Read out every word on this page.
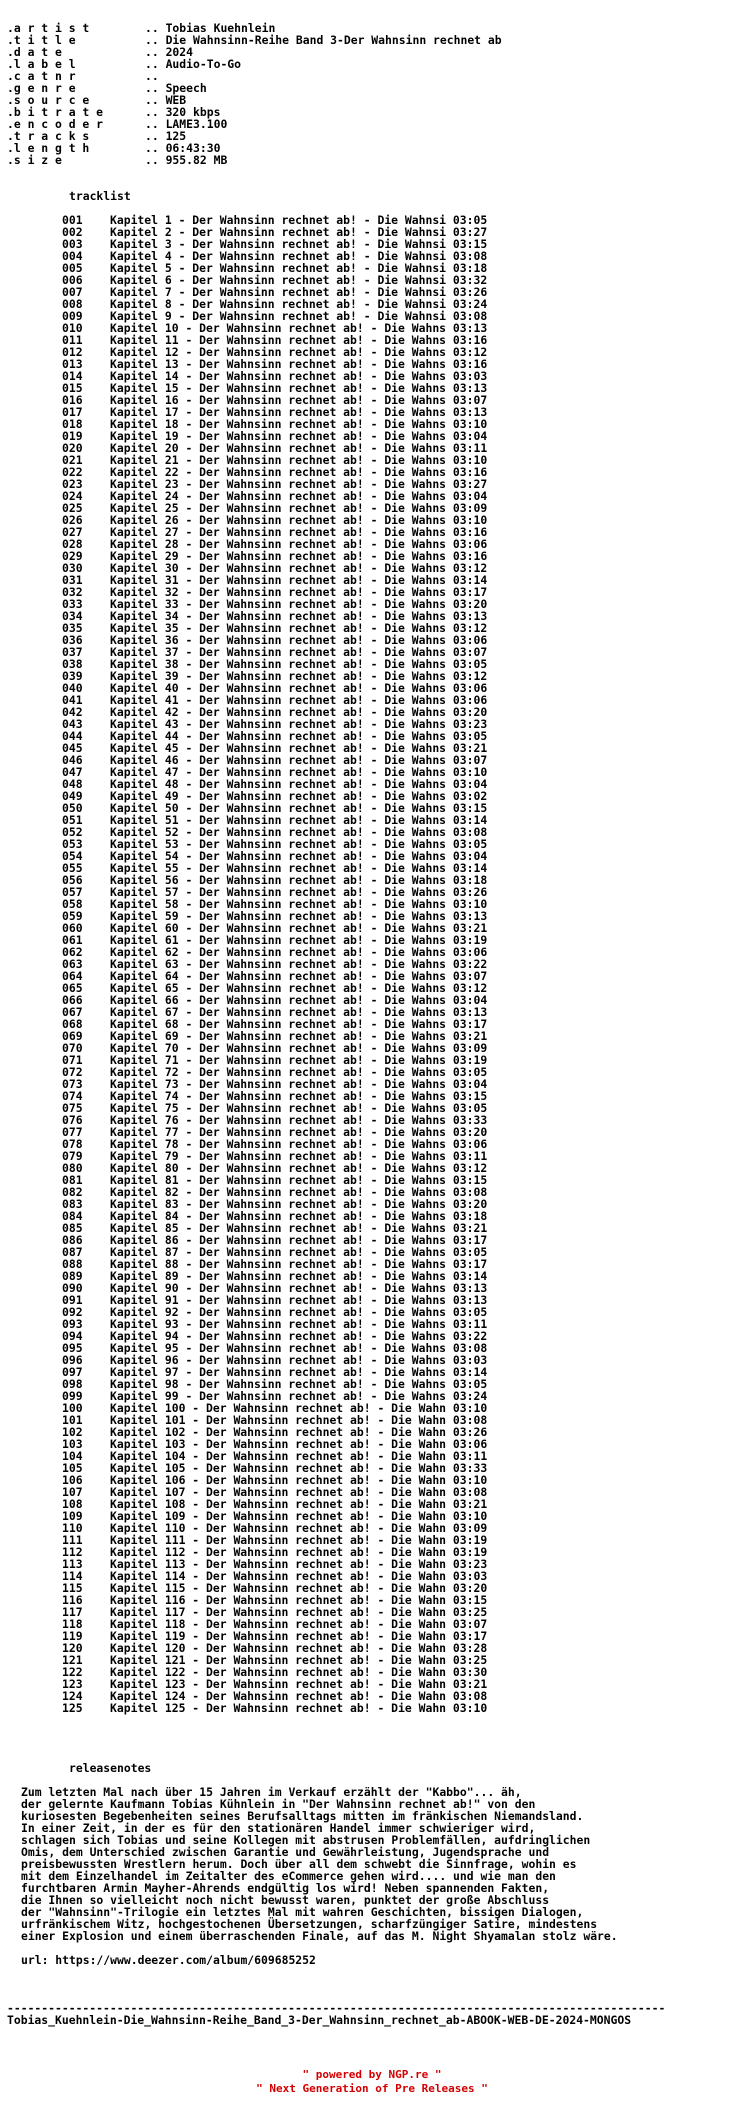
.a r t i s t	.. Tobias Kuehnlein
.t i t l e	.. Die Wahnsinn-Reihe Band 3-Der Wahnsinn rechnet ab
.d a t e	.. 2024
.l a b e l	.. Audio-To-Go
.c a t n r	..
.g e n r e	.. Speech
.s o u r c e	.. WEB
.b i t r a t e	.. 320 kbps
.e n c o d e r	.. LAME3.100
.t r a c k s	.. 125
.l e n g t h	.. 06:43:30
.s i z e	.. 955.82 MB
tracklist
001    Kapitel 1 - Der Wahnsinn rechnet ab! - Die Wahnsi 03:05
002    Kapitel 2 - Der Wahnsinn rechnet ab! - Die Wahnsi 03:27
003    Kapitel 3 - Der Wahnsinn rechnet ab! - Die Wahnsi 03:15
004    Kapitel 4 - Der Wahnsinn rechnet ab! - Die Wahnsi 03:08
005    Kapitel 5 - Der Wahnsinn rechnet ab! - Die Wahnsi 03:18
006    Kapitel 6 - Der Wahnsinn rechnet ab! - Die Wahnsi 03:32
007    Kapitel 7 - Der Wahnsinn rechnet ab! - Die Wahnsi 03:26
008    Kapitel 8 - Der Wahnsinn rechnet ab! - Die Wahnsi 03:24
009    Kapitel 9 - Der Wahnsinn rechnet ab! - Die Wahnsi 03:08
010    Kapitel 10 - Der Wahnsinn rechnet ab! - Die Wahns 03:13
011    Kapitel 11 - Der Wahnsinn rechnet ab! - Die Wahns 03:16
012    Kapitel 12 - Der Wahnsinn rechnet ab! - Die Wahns 03:12
013    Kapitel 13 - Der Wahnsinn rechnet ab! - Die Wahns 03:16
014    Kapitel 14 - Der Wahnsinn rechnet ab! - Die Wahns 03:03
015    Kapitel 15 - Der Wahnsinn rechnet ab! - Die Wahns 03:13
016    Kapitel 16 - Der Wahnsinn rechnet ab! - Die Wahns 03:07
017    Kapitel 17 - Der Wahnsinn rechnet ab! - Die Wahns 03:13
018    Kapitel 18 - Der Wahnsinn rechnet ab! - Die Wahns 03:10
019    Kapitel 19 - Der Wahnsinn rechnet ab! - Die Wahns 03:04
020    Kapitel 20 - Der Wahnsinn rechnet ab! - Die Wahns 03:11
021    Kapitel 21 - Der Wahnsinn rechnet ab! - Die Wahns 03:10
022    Kapitel 22 - Der Wahnsinn rechnet ab! - Die Wahns 03:16
023    Kapitel 23 - Der Wahnsinn rechnet ab! - Die Wahns 03:27
024    Kapitel 24 - Der Wahnsinn rechnet ab! - Die Wahns 03:04
025    Kapitel 25 - Der Wahnsinn rechnet ab! - Die Wahns 03:09
026    Kapitel 26 - Der Wahnsinn rechnet ab! - Die Wahns 03:10
027    Kapitel 27 - Der Wahnsinn rechnet ab! - Die Wahns 03:16
028    Kapitel 28 - Der Wahnsinn rechnet ab! - Die Wahns 03:06
029    Kapitel 29 - Der Wahnsinn rechnet ab! - Die Wahns 03:16
030    Kapitel 30 - Der Wahnsinn rechnet ab! - Die Wahns 03:12
031    Kapitel 31 - Der Wahnsinn rechnet ab! - Die Wahns 03:14
032    Kapitel 32 - Der Wahnsinn rechnet ab! - Die Wahns 03:17
033    Kapitel 33 - Der Wahnsinn rechnet ab! - Die Wahns 03:20
034    Kapitel 34 - Der Wahnsinn rechnet ab! - Die Wahns 03:13
035    Kapitel 35 - Der Wahnsinn rechnet ab! - Die Wahns 03:12
036    Kapitel 36 - Der Wahnsinn rechnet ab! - Die Wahns 03:06
037    Kapitel 37 - Der Wahnsinn rechnet ab! - Die Wahns 03:07
038    Kapitel 38 - Der Wahnsinn rechnet ab! - Die Wahns 03:05
039    Kapitel 39 - Der Wahnsinn rechnet ab! - Die Wahns 03:12
040    Kapitel 40 - Der Wahnsinn rechnet ab! - Die Wahns 03:06
041    Kapitel 41 - Der Wahnsinn rechnet ab! - Die Wahns 03:06
042    Kapitel 42 - Der Wahnsinn rechnet ab! - Die Wahns 03:20
043    Kapitel 43 - Der Wahnsinn rechnet ab! - Die Wahns 03:23
044    Kapitel 44 - Der Wahnsinn rechnet ab! - Die Wahns 03:05
045    Kapitel 45 - Der Wahnsinn rechnet ab! - Die Wahns 03:21
046    Kapitel 46 - Der Wahnsinn rechnet ab! - Die Wahns 03:07
047    Kapitel 47 - Der Wahnsinn rechnet ab! - Die Wahns 03:10
048    Kapitel 48 - Der Wahnsinn rechnet ab! - Die Wahns 03:04
049    Kapitel 49 - Der Wahnsinn rechnet ab! - Die Wahns 03:02
050    Kapitel 50 - Der Wahnsinn rechnet ab! - Die Wahns 03:15
051    Kapitel 51 - Der Wahnsinn rechnet ab! - Die Wahns 03:14
052    Kapitel 52 - Der Wahnsinn rechnet ab! - Die Wahns 03:08
053    Kapitel 53 - Der Wahnsinn rechnet ab! - Die Wahns 03:05
054    Kapitel 54 - Der Wahnsinn rechnet ab! - Die Wahns 03:04
055    Kapitel 55 - Der Wahnsinn rechnet ab! - Die Wahns 03:14
056    Kapitel 56 - Der Wahnsinn rechnet ab! - Die Wahns 03:18
057    Kapitel 57 - Der Wahnsinn rechnet ab! - Die Wahns 03:26
058    Kapitel 58 - Der Wahnsinn rechnet ab! - Die Wahns 03:10
059    Kapitel 59 - Der Wahnsinn rechnet ab! - Die Wahns 03:13
060    Kapitel 60 - Der Wahnsinn rechnet ab! - Die Wahns 03:21
061    Kapitel 61 - Der Wahnsinn rechnet ab! - Die Wahns 03:19
062    Kapitel 62 - Der Wahnsinn rechnet ab! - Die Wahns 03:06
063    Kapitel 63 - Der Wahnsinn rechnet ab! - Die Wahns 03:22
064    Kapitel 64 - Der Wahnsinn rechnet ab! - Die Wahns 03:07
065    Kapitel 65 - Der Wahnsinn rechnet ab! - Die Wahns 03:12
066    Kapitel 66 - Der Wahnsinn rechnet ab! - Die Wahns 03:04
067    Kapitel 67 - Der Wahnsinn rechnet ab! - Die Wahns 03:13
068    Kapitel 68 - Der Wahnsinn rechnet ab! - Die Wahns 03:17
069    Kapitel 69 - Der Wahnsinn rechnet ab! - Die Wahns 03:21
070    Kapitel 70 - Der Wahnsinn rechnet ab! - Die Wahns 03:09
071    Kapitel 71 - Der Wahnsinn rechnet ab! - Die Wahns 03:19
072    Kapitel 72 - Der Wahnsinn rechnet ab! - Die Wahns 03:05
073    Kapitel 73 - Der Wahnsinn rechnet ab! - Die Wahns 03:04
074    Kapitel 74 - Der Wahnsinn rechnet ab! - Die Wahns 03:15
075    Kapitel 75 - Der Wahnsinn rechnet ab! - Die Wahns 03:05
076    Kapitel 76 - Der Wahnsinn rechnet ab! - Die Wahns 03:33
077    Kapitel 77 - Der Wahnsinn rechnet ab! - Die Wahns 03:20
078    Kapitel 78 - Der Wahnsinn rechnet ab! - Die Wahns 03:06
079    Kapitel 79 - Der Wahnsinn rechnet ab! - Die Wahns 03:11
080    Kapitel 80 - Der Wahnsinn rechnet ab! - Die Wahns 03:12
081    Kapitel 81 - Der Wahnsinn rechnet ab! - Die Wahns 03:15
082    Kapitel 82 - Der Wahnsinn rechnet ab! - Die Wahns 03:08
083    Kapitel 83 - Der Wahnsinn rechnet ab! - Die Wahns 03:20
084    Kapitel 84 - Der Wahnsinn rechnet ab! - Die Wahns 03:18
085    Kapitel 85 - Der Wahnsinn rechnet ab! - Die Wahns 03:21
086    Kapitel 86 - Der Wahnsinn rechnet ab! - Die Wahns 03:17
087    Kapitel 87 - Der Wahnsinn rechnet ab! - Die Wahns 03:05
088    Kapitel 88 - Der Wahnsinn rechnet ab! - Die Wahns 03:17
089    Kapitel 89 - Der Wahnsinn rechnet ab! - Die Wahns 03:14
090    Kapitel 90 - Der Wahnsinn rechnet ab! - Die Wahns 03:13
091    Kapitel 91 - Der Wahnsinn rechnet ab! - Die Wahns 03:13
092    Kapitel 92 - Der Wahnsinn rechnet ab! - Die Wahns 03:05
093    Kapitel 93 - Der Wahnsinn rechnet ab! - Die Wahns 03:11
094    Kapitel 94 - Der Wahnsinn rechnet ab! - Die Wahns 03:22
095    Kapitel 95 - Der Wahnsinn rechnet ab! - Die Wahns 03:08
096    Kapitel 96 - Der Wahnsinn rechnet ab! - Die Wahns 03:03
097    Kapitel 97 - Der Wahnsinn rechnet ab! - Die Wahns 03:14
098    Kapitel 98 - Der Wahnsinn rechnet ab! - Die Wahns 03:05
099    Kapitel 99 - Der Wahnsinn rechnet ab! - Die Wahns 03:24
100    Kapitel 100 - Der Wahnsinn rechnet ab! - Die Wahn 03:10
101    Kapitel 101 - Der Wahnsinn rechnet ab! - Die Wahn 03:08
102    Kapitel 102 - Der Wahnsinn rechnet ab! - Die Wahn 03:26
103    Kapitel 103 - Der Wahnsinn rechnet ab! - Die Wahn 03:06
104    Kapitel 104 - Der Wahnsinn rechnet ab! - Die Wahn 03:11
105    Kapitel 105 - Der Wahnsinn rechnet ab! - Die Wahn 03:33
106    Kapitel 106 - Der Wahnsinn rechnet ab! - Die Wahn 03:10
107    Kapitel 107 - Der Wahnsinn rechnet ab! - Die Wahn 03:08
108    Kapitel 108 - Der Wahnsinn rechnet ab! - Die Wahn 03:21
109    Kapitel 109 - Der Wahnsinn rechnet ab! - Die Wahn 03:10
110    Kapitel 110 - Der Wahnsinn rechnet ab! - Die Wahn 03:09
111    Kapitel 111 - Der Wahnsinn rechnet ab! - Die Wahn 03:19
112    Kapitel 112 - Der Wahnsinn rechnet ab! - Die Wahn 03:19
113    Kapitel 113 - Der Wahnsinn rechnet ab! - Die Wahn 03:23
114    Kapitel 114 - Der Wahnsinn rechnet ab! - Die Wahn 03:03
115    Kapitel 115 - Der Wahnsinn rechnet ab! - Die Wahn 03:20
116    Kapitel 116 - Der Wahnsinn rechnet ab! - Die Wahn 03:15
117    Kapitel 117 - Der Wahnsinn rechnet ab! - Die Wahn 03:25
118    Kapitel 118 - Der Wahnsinn rechnet ab! - Die Wahn 03:07
119    Kapitel 119 - Der Wahnsinn rechnet ab! - Die Wahn 03:17
120    Kapitel 120 - Der Wahnsinn rechnet ab! - Die Wahn 03:28
121    Kapitel 121 - Der Wahnsinn rechnet ab! - Die Wahn 03:25
122    Kapitel 122 - Der Wahnsinn rechnet ab! - Die Wahn 03:30
123    Kapitel 123 - Der Wahnsinn rechnet ab! - Die Wahn 03:21
124    Kapitel 124 - Der Wahnsinn rechnet ab! - Die Wahn 03:08
125    Kapitel 125 - Der Wahnsinn rechnet ab! - Die Wahn 03:10
releasenotes
Zum letzten Mal nach über 15 Jahren im Verkauf erzählt der "Kabbo"... äh,
der gelernte Kaufmann Tobias Kühnlein in "Der Wahnsinn rechnet ab!" von den
kuriosesten Begebenheiten seines Berufsalltags mitten im fränkischen Niemandsland.
In einer Zeit, in der es für den stationären Handel immer schwieriger wird,
schlagen sich Tobias und seine Kollegen mit abstrusen Problemfällen, aufdringlichen
Omis, dem Unterschied zwischen Garantie und Gewährleistung, Jugendsprache und
preisbewussten Wrestlern herum. Doch über all dem schwebt die Sinnfrage, wohin es
mit dem Einzelhandel im Zeitalter des eCommerce gehen wird.... und wie man den
furchtbaren Armin Mayher-Ahrends endgültig los wird! Neben spannenden Fakten,
die Ihnen so vielleicht noch nicht bewusst waren, punktet der große Abschluss
der "Wahnsinn"-Trilogie ein letztes Mal mit wahren Geschichten, bissigen Dialogen,
urfränkischem Witz, hochgestochenen Übersetzungen, scharfzüngiger Satire, mindestens
einer Explosion und einem überraschenden Finale, auf das M. Night Shyamalan stolz wäre.
url: https://www.deezer.com/album/609685252
------------------------------------------------------------------------------------------------
Tobias_Kuehnlein-Die_Wahnsinn-Reihe_Band_3-Der_Wahnsinn_rechnet_ab-ABOOK-WEB-DE-2024-MONGOS
" powered by NGP.re "
" Next Generation of Pre Releases "
